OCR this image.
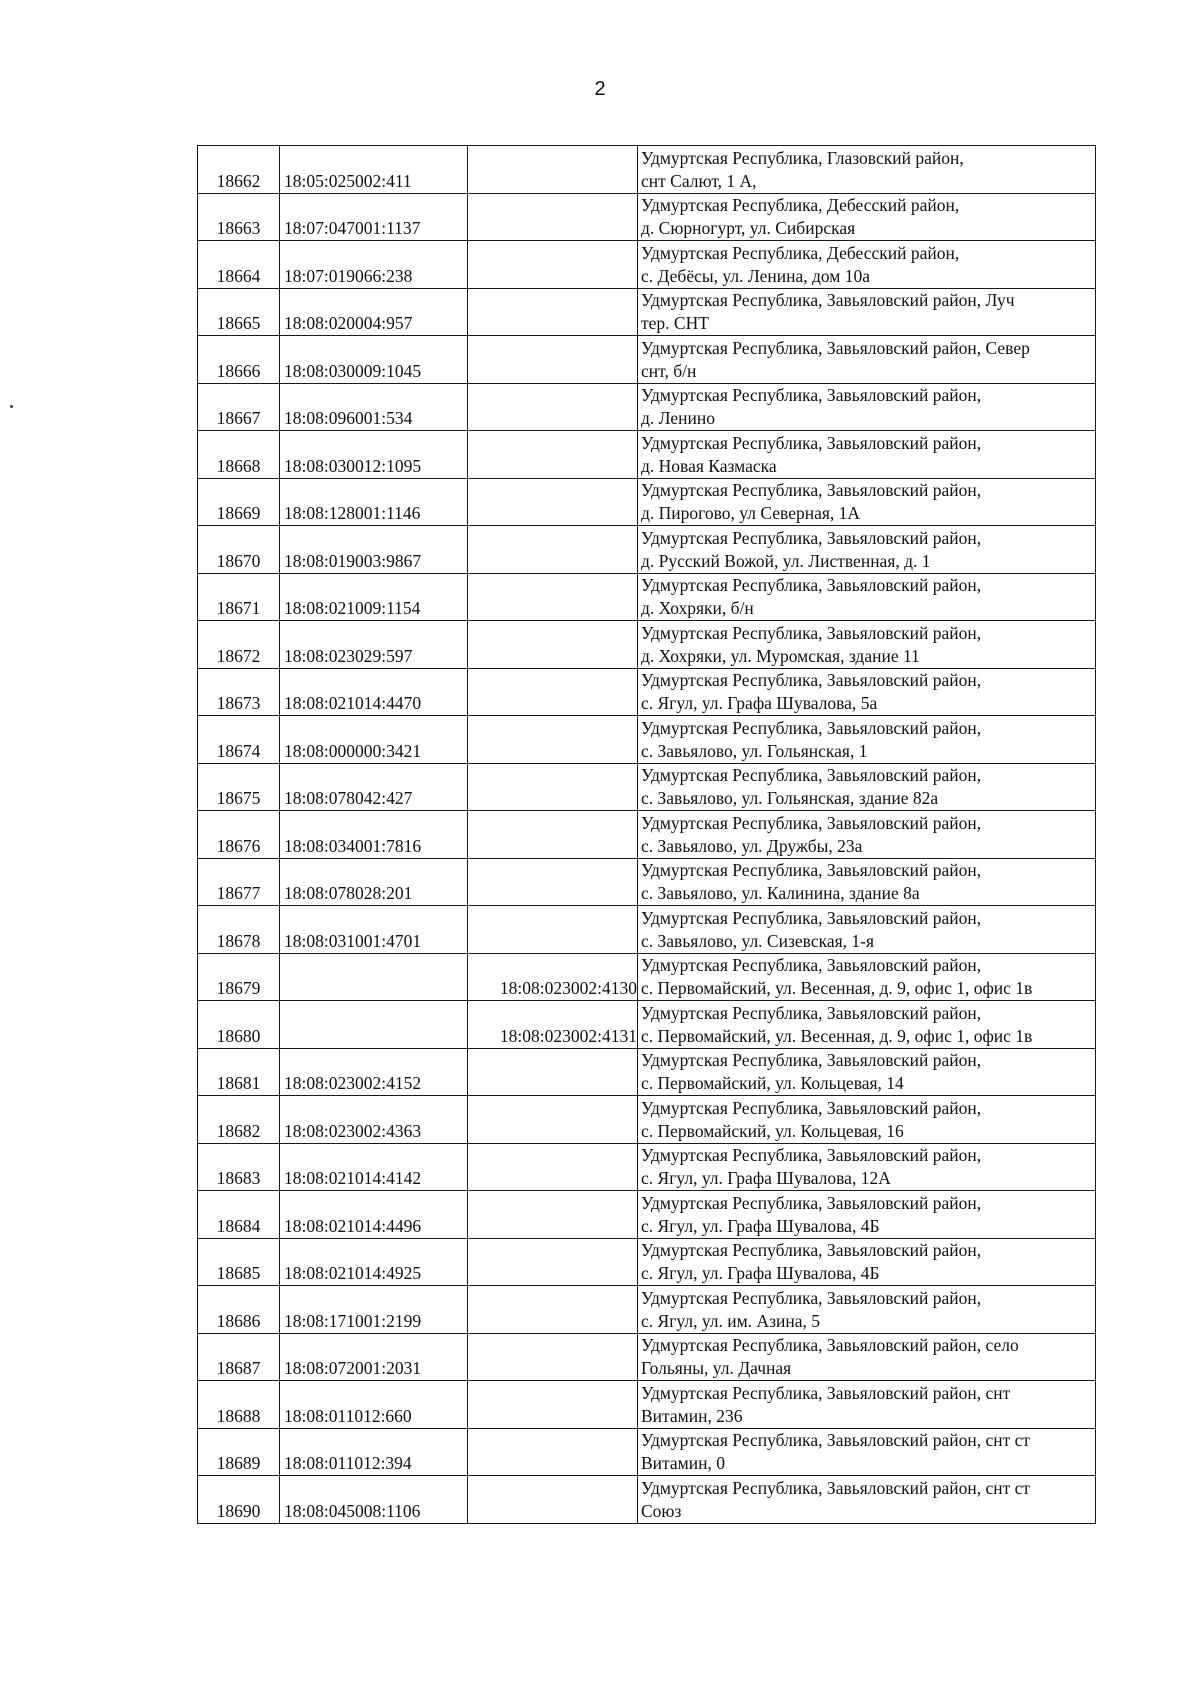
2
18662	18:05:025002:411		Удмуртская Республика, Глазовский район,
снт Салют, 1 А,

18663	18:07:047001:1137		Удмуртская Республика, Дебесский район,
д. Сюрногурт, ул. Сибирская

18664	18:07:019066:238		Удмуртская Республика, Дебесский район,
с. Дебёсы, ул. Ленина, дом 10а

18665	18:08:020004:957		Удмуртская Республика, Завьяловский район, Луч
тер. СНТ

18666	18:08:030009:1045		Удмуртская Республика, Завьяловский район, Север
снт, б/н

18667	18:08:096001:534		Удмуртская Республика, Завьяловский район,
д. Ленино

18668	18:08:030012:1095		Удмуртская Республика, Завьяловский район,
д. Новая Казмаска

18669	18:08:128001:1146		Удмуртская Республика, Завьяловский район,
д. Пирогово, ул Северная, 1А

18670	18:08:019003:9867		Удмуртская Республика, Завьяловский район,
д. Русский Вожой, ул. Лиственная, д. 1

18671	18:08:021009:1154		Удмуртская Республика, Завьяловский район,
д. Хохряки, б/н

18672	18:08:023029:597		Удмуртская Республика, Завьяловский район,
д. Хохряки, ул. Муромская, здание 11

18673	18:08:021014:4470		Удмуртская Республика, Завьяловский район,
с. Ягул, ул. Графа Шувалова, 5а

18674	18:08:000000:3421		Удмуртская Республика, Завьяловский район,
с. Завьялово, ул. Гольянская, 1

18675	18:08:078042:427		Удмуртская Республика, Завьяловский район,
с. Завьялово, ул. Гольянская, здание 82а

18676	18:08:034001:7816		Удмуртская Республика, Завьяловский район,
с. Завьялово, ул. Дружбы, 23а

18677	18:08:078028:201		Удмуртская Республика, Завьяловский район,
с. Завьялово, ул. Калинина, здание 8а

18678	18:08:031001:4701		Удмуртская Республика, Завьяловский район,
с. Завьялово, ул. Сизевская, 1-я

18679		18:08:023002:4130	Удмуртская Республика, Завьяловский район,
с. Первомайский, ул. Весенная, д. 9, офис 1, офис 1в

18680		18:08:023002:4131	Удмуртская Республика, Завьяловский район,
с. Первомайский, ул. Весенная, д. 9, офис 1, офис 1в

18681	18:08:023002:4152		Удмуртская Республика, Завьяловский район,
с. Первомайский, ул. Кольцевая, 14

18682	18:08:023002:4363		Удмуртская Республика, Завьяловский район,
с. Первомайский, ул. Кольцевая, 16

18683	18:08:021014:4142		Удмуртская Республика, Завьяловский район,
с. Ягул, ул. Графа Шувалова, 12А

18684	18:08:021014:4496		Удмуртская Республика, Завьяловский район,
с. Ягул, ул. Графа Шувалова, 4Б

18685	18:08:021014:4925		Удмуртская Республика, Завьяловский район,
с. Ягул, ул. Графа Шувалова, 4Б

18686	18:08:171001:2199		Удмуртская Республика, Завьяловский район,
с. Ягул, ул. им. Азина, 5

18687	18:08:072001:2031		Удмуртская Республика, Завьяловский район, село
Гольяны, ул. Дачная

18688	18:08:011012:660		Удмуртская Республика, Завьяловский район, снт
Витамин, 236

18689	18:08:011012:394		Удмуртская Республика, Завьяловский район, снт ст
Витамин, 0

18690	18:08:045008:1106		Удмуртская Республика, Завьяловский район, снт ст
Союз
